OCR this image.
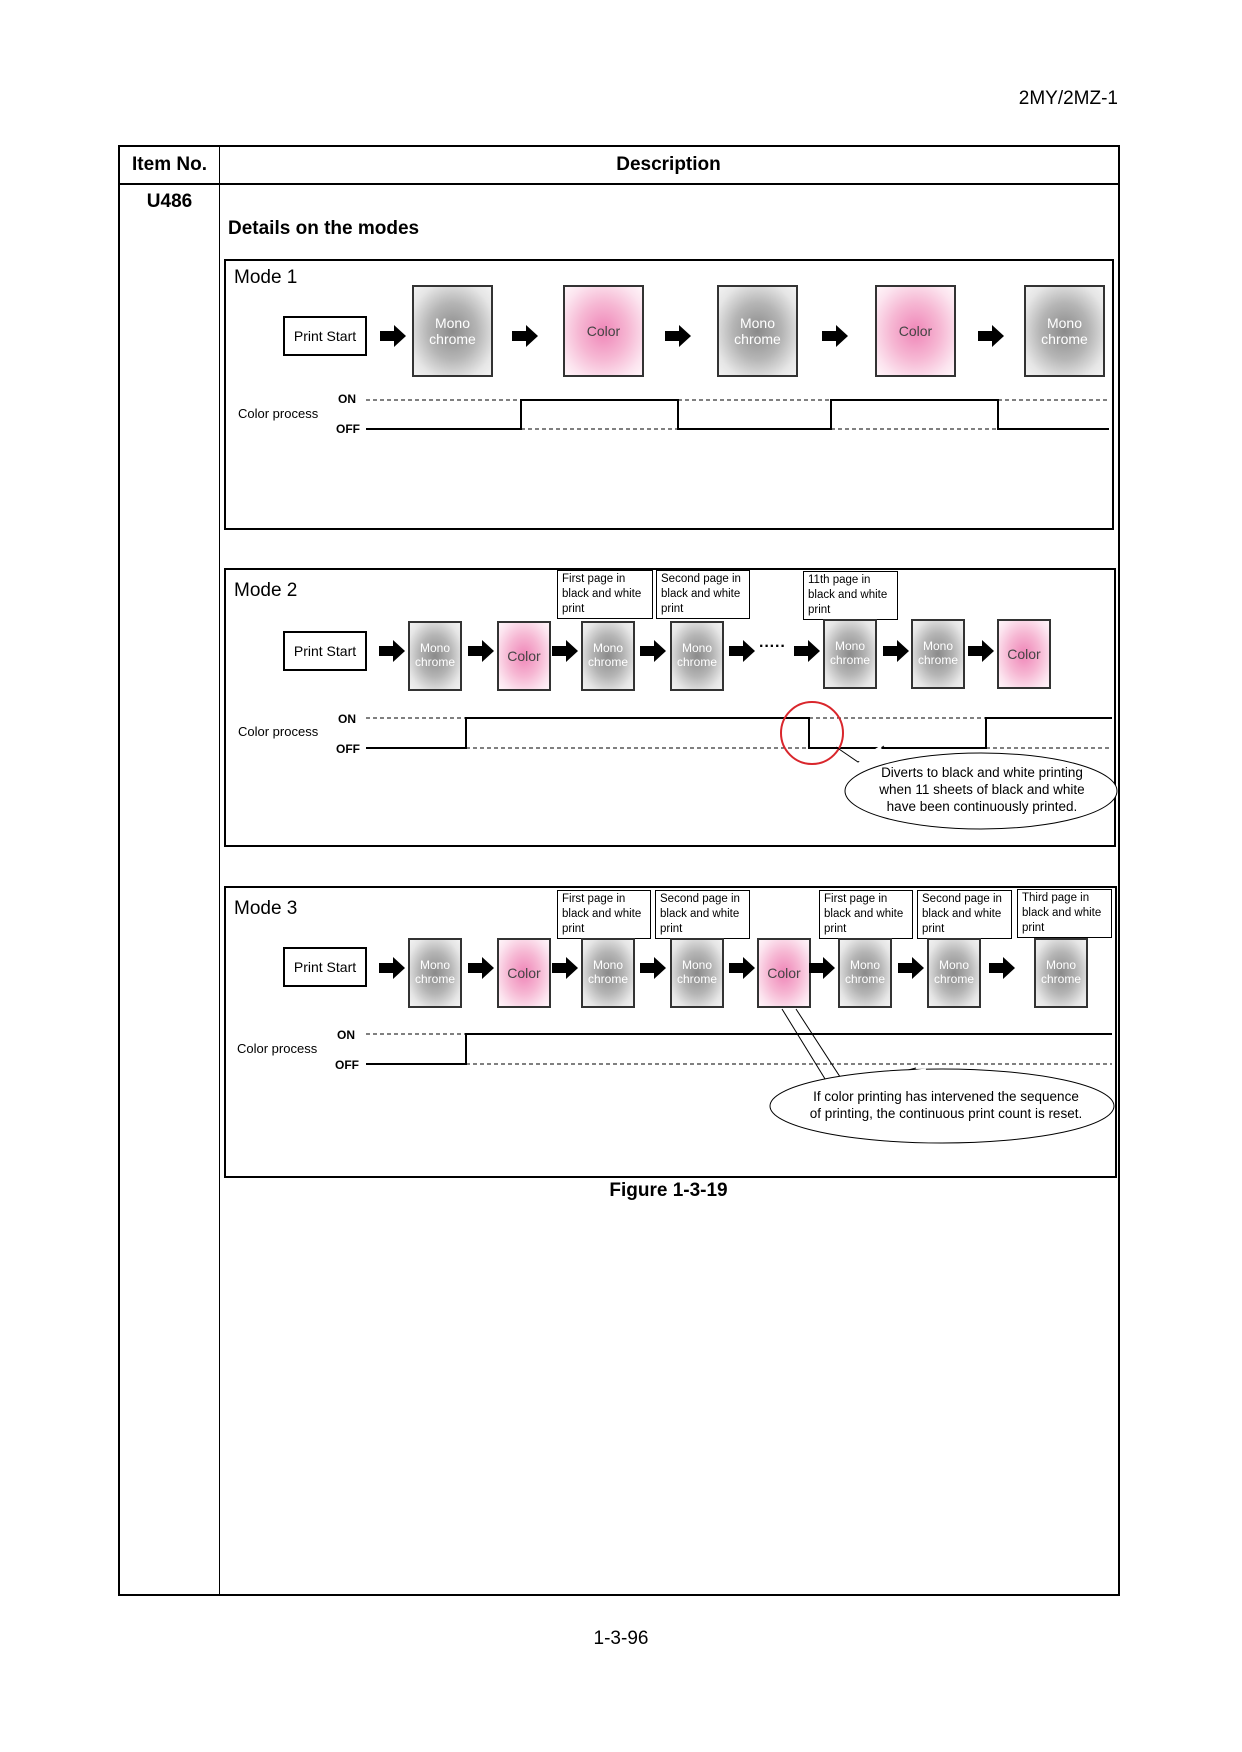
2MY/2MZ-1
Item No.	Description
U486
Details on the modes
Mode 1
Print Start
Mono
chrome
Color
Mono
chrome
Color
Mono
chrome
Color process
ON
OFF
Mode 2
First page in
black and white
print
Second page in
black and white
print
11th page in
black and white
print
Print Start	Mono
chrome	Color	Mono
chrome
Mono
chrome
·····	Mono
chrome
Mono
chrome	Color
Color process
ON
OFF
Diverts to black and white printing
when 11 sheets of black and white
have been continuously printed.
Mode 3	First page in
black and white
print
Second page in
black and white
print
First page in
black and white
print
Second page in
black and white
print
Third page in
black and white
print
Print Start	Mono
chrome	Color	Mono
chrome
Mono
chrome	Color	Mono
chrome
Mono
chrome
Mono
chrome
Color process
ON
OFF
If color printing has intervened the sequence
of printing, the continuous print count is reset.
Figure 1-3-19
1-3-96
